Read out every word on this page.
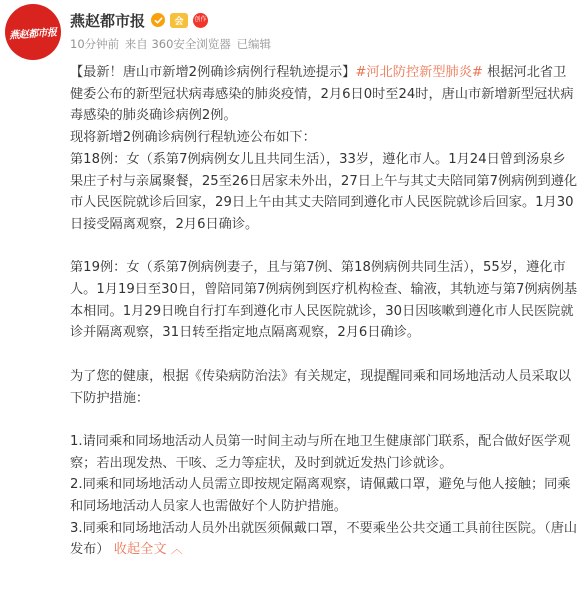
燕赵都市报
燕赵都市报	会	创作
10分钟前 来自 360安全浏览器 已编辑

【最新！唐山市新增2例确诊病例行程轨迹提示】#河北防控新型肺炎# 根据河北省卫健委公布的新型冠状病毒感染的肺炎疫情，2月6日0时至24时，唐山市新增新型冠状病毒感染的肺炎确诊病例2例。

现将新增2例确诊病例行程轨迹公布如下：

第18例：女（系第7例病例女儿且共同生活），33岁，遵化市人。1月24日曾到汤泉乡果庄子村与亲属聚餐，25至26日居家未外出，27日上午与其丈夫陪同第7例病例到遵化市人民医院就诊后回家，29日上午由其丈夫陪同到遵化市人民医院就诊后回家。1月30日接受隔离观察，2月6日确诊。

第19例：女（系第7例病例妻子，且与第7例、第18例病例共同生活），55岁，遵化市人。1月19日至30日，曾陪同第7例病例到医疗机构检查、输液，其轨迹与第7例病例基本相同。1月29日晚自行打车到遵化市人民医院就诊，30日因咳嗽到遵化市人民医院就诊并隔离观察，31日转至指定地点隔离观察，2月6日确诊。

为了您的健康，根据《传染病防治法》有关规定，现提醒同乘和同场地活动人员采取以下防护措施：

1.请同乘和同场地活动人员第一时间主动与所在地卫生健康部门联系，配合做好医学观察；若出现发热、干咳、乏力等症状，及时到就近发热门诊就诊。

2.同乘和同场地活动人员需立即按规定隔离观察，请佩戴口罩，避免与他人接触；同乘和同场地活动人员家人也需做好个人防护措施。

3.同乘和同场地活动人员外出就医须佩戴口罩，不要乘坐公共交通工具前往医院。（唐山发布） 收起全文 ︿
